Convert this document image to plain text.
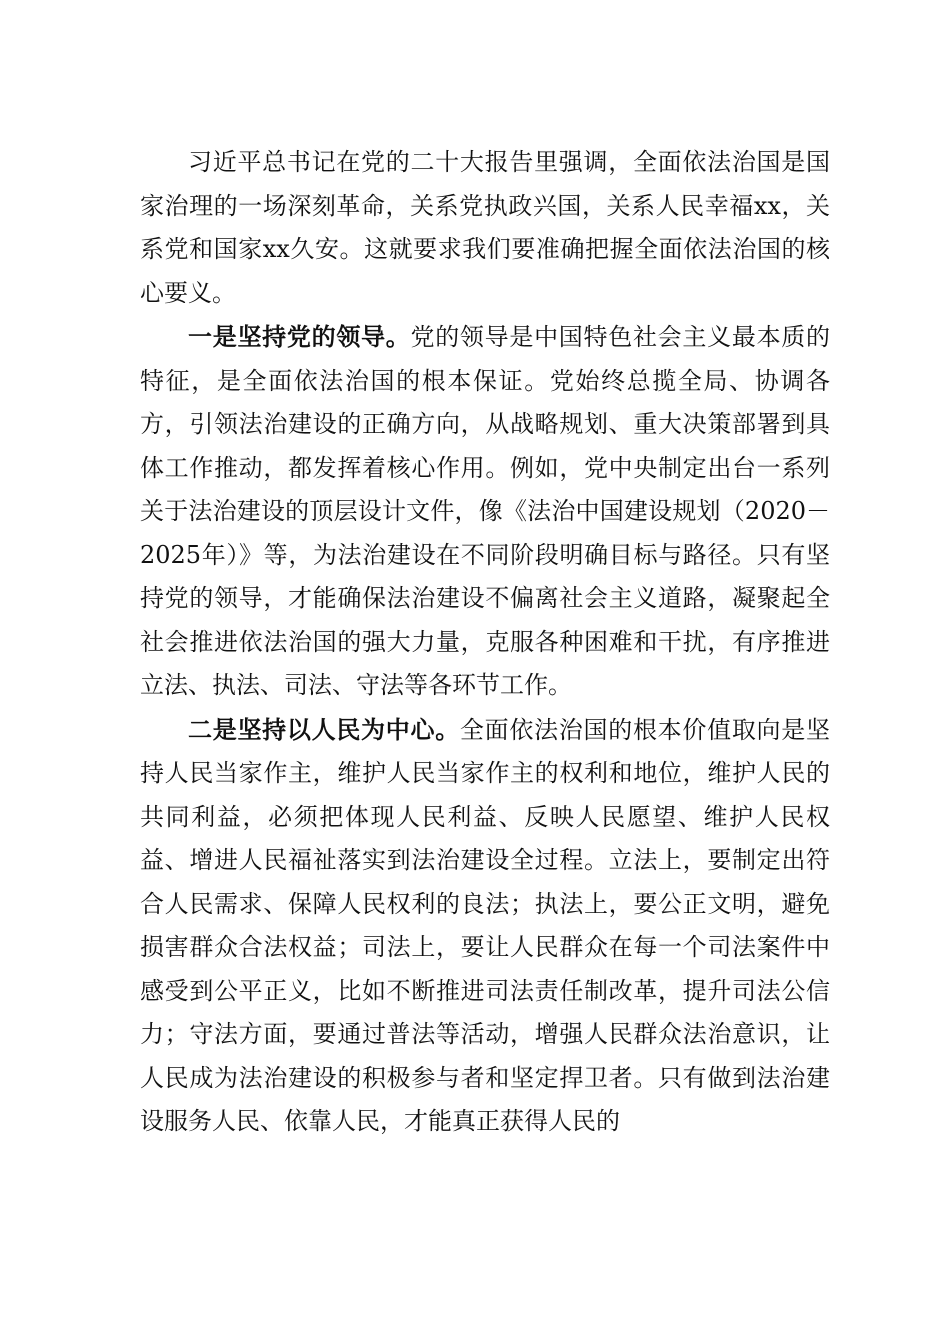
习近平总书记在党的二十大报告里强调，全面依法治国是国家治理的一场深刻革命，关系党执政兴国，关系人民幸福xx，关系党和国家xx久安。这就要求我们要准确把握全面依法治国的核心要义。

一是坚持党的领导。党的领导是中国特色社会主义最本质的特征，是全面依法治国的根本保证。党始终总揽全局、协调各方，引领法治建设的正确方向，从战略规划、重大决策部署到具体工作推动，都发挥着核心作用。例如，党中央制定出台一系列关于法治建设的顶层设计文件，像《法治中国建设规划（2020－2025年）》等，为法治建设在不同阶段明确目标与路径。只有坚持党的领导，才能确保法治建设不偏离社会主义道路，凝聚起全社会推进依法治国的强大力量，克服各种困难和干扰，有序推进立法、执法、司法、守法等各环节工作。

二是坚持以人民为中心。全面依法治国的根本价值取向是坚持人民当家作主，维护人民当家作主的权利和地位，维护人民的共同利益，必须把体现人民利益、反映人民愿望、维护人民权益、增进人民福祉落实到法治建设全过程。立法上，要制定出符合人民需求、保障人民权利的良法；执法上，要公正文明，避免损害群众合法权益；司法上，要让人民群众在每一个司法案件中感受到公平正义，比如不断推进司法责任制改革，提升司法公信力；守法方面，要通过普法等活动，增强人民群众法治意识，让人民成为法治建设的积极参与者和坚定捍卫者。只有做到法治建设服务人民、依靠人民，才能真正获得人民的
